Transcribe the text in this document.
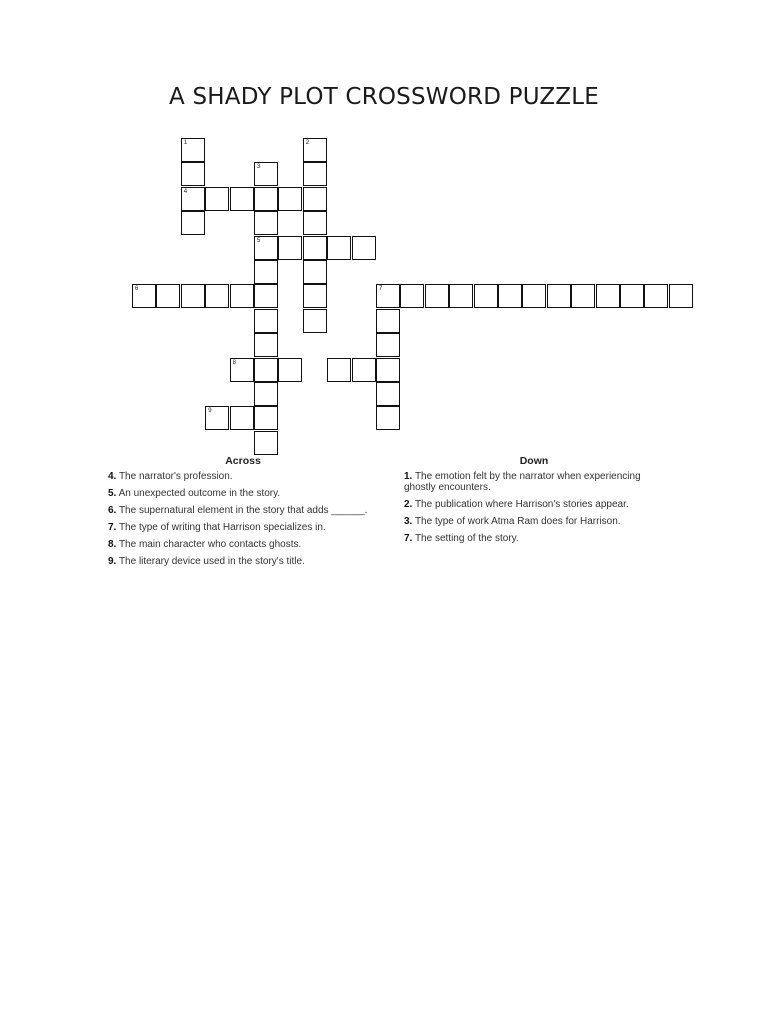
A SHADY PLOT CROSSWORD PUZZLE
1
4
2
3
5
6	7
8
9
Across
4. The narrator's profession.
5. An unexpected outcome in the story.
6. The supernatural element in the story that adds ______.
7. The type of writing that Harrison specializes in.
8. The main character who contacts ghosts.
9. The literary device used in the story's title.
Down
1. The emotion felt by the narrator when experiencing ghostly encounters.
2. The publication where Harrison's stories appear.
3. The type of work Atma Ram does for Harrison.
7. The setting of the story.
